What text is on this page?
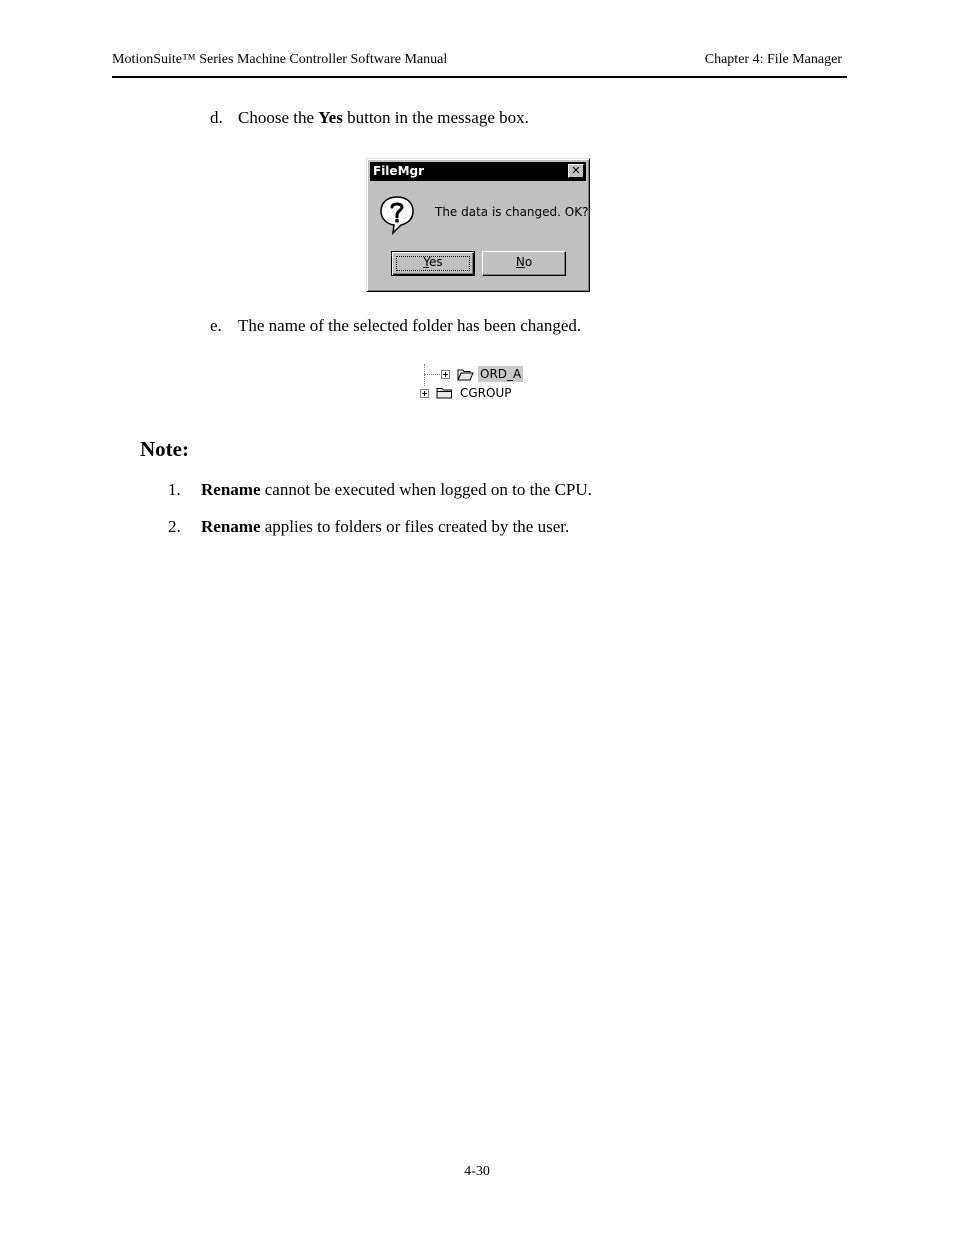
MotionSuite™ Series Machine Controller Software Manual	Chapter 4: File Manager
d. Choose the Yes button in the message box.
FileMgr	✕
The data is changed. OK?
Yes	No
e. The name of the selected folder has been changed.
ORD_A
CGROUP
Note:
1. Rename cannot be executed when logged on to the CPU.
2. Rename applies to folders or files created by the user.
4-30
